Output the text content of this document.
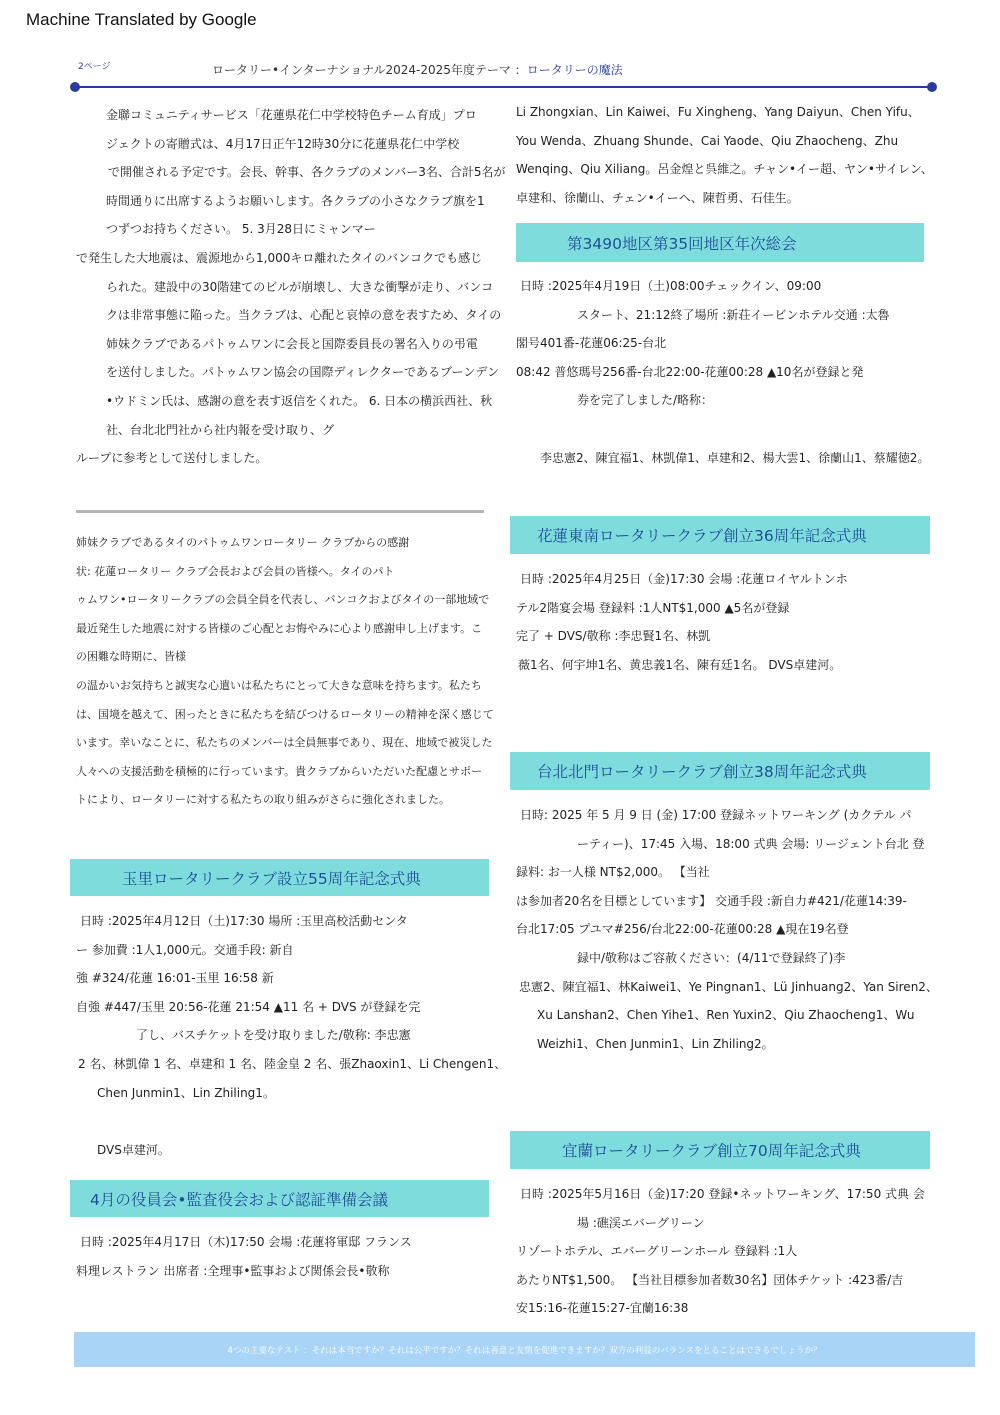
Machine Translated by Google
2ページ	ロータリー•インターナショナル2024-2025年度テーマ ：ロータリーの魔法
金聯コミュニティサービス「花蓮県花仁中学校特色チーム育成」プロ
ジェクトの寄贈式は、4月17日正午12時30分に花蓮県花仁中学校
で開催される予定です。会長、幹事、各クラブのメンバー3名、合計5名が
時間通りに出席するようお願いします。各クラブの小さなクラブ旗を1
つずつお持ちください。 5. 3月28日にミャンマー
で発生した大地震は、震源地から1,000キロ離れたタイのバンコクでも感じ
られた。建設中の30階建てのビルが崩壊し、大きな衝撃が走り、バンコ
クは非常事態に陥った。当クラブは、心配と哀悼の意を表すため、タイの
姉妹クラブであるパトゥムワンに会長と国際委員長の署名入りの弔電
を送付しました。パトゥムワン協会の国際ディレクターであるブーンデン
•ウドミン氏は、感謝の意を表す返信をくれた。 6. 日本の横浜西社、秋
社、台北北門社から社内報を受け取り、グ
ループに参考として送付しました。
姉妹クラブであるタイのパトゥムワンロータリー クラブからの感謝
状: 花蓮ロータリー クラブ会長および会員の皆様へ。タイのパト
ゥムワン•ロータリークラブの会員全員を代表し、バンコクおよびタイの一部地域で
最近発生した地震に対する皆様のご心配とお悔やみに心より感謝申し上げます。こ
の困難な時期に、皆様
の温かいお気持ちと誠実な心遣いは私たちにとって大きな意味を持ちます。私たち
は、国境を越えて、困ったときに私たちを結びつけるロータリーの精神を深く感じて
います。幸いなことに、私たちのメンバーは全員無事であり、現在、地域で被災した
人々への支援活動を積極的に行っています。貴クラブからいただいた配慮とサポー
トにより、ロータリーに対する私たちの取り組みがさらに強化されました。
玉里ロータリークラブ設立55周年記念式典
日時 :2025年4月12日（土)17:30 場所 :玉里高校活動センタ
ー 参加費 :1人1,000元。交通手段: 新自
強 #324/花蓮 16:01-玉里 16:58 新
自強 #447/玉里 20:56-花蓮 21:54 ▲11 名 + DVS が登録を完
了し、バスチケットを受け取りました/敬称: 李忠憲
2 名、林凱偉 1 名、卓建和 1 名、陸金皇 2 名、張Zhaoxin1、Li Chengen1、
Chen Junmin1、Lin Zhiling1。
DVS卓建河。
4月の役員会•監査役会および認証準備会議
日時 :2025年4月17日（木)17:50 会場 :花蓮将軍邸 フランス
料理レストラン 出席者 :全理事•監事および関係会長•敬称
Li Zhongxian、Lin Kaiwei、Fu Xingheng、Yang Daiyun、Chen Yifu、
You Wenda、Zhuang Shunde、Cai Yaode、Qiu Zhaocheng、Zhu
Wenqing、Qiu Xiliang。呂金煌と呉維之。チャン•イー超、ヤン•サイレン、
卓建和、徐蘭山、チェン•イーヘ、陳哲勇、石佳生。
第3490地区第35回地区年次総会
日時 :2025年4月19日（土)08:00チェックイン、09:00
スタート、21:12終了場所 :新荘イービンホテル交通 :太魯
閣号401番-花蓮06:25-台北
08:42 普悠瑪号256番-台北22:00-花蓮00:28 ▲10名が登録と発
券を完了しました/略称：
李忠憲2、陳宜福1、林凱偉1、卓建和2、楊大雲1、徐蘭山1、蔡耀徳2。
花蓮東南ロータリークラブ創立36周年記念式典
日時 :2025年4月25日（金)17:30 会場 :花蓮ロイヤルトンホ
テル2階宴会場 登録料 :1人NT$1,000 ▲5名が登録
完了 + DVS/敬称 :李忠賢1名、林凱
薇1名、何宇坤1名、黄忠義1名、陳有廷1名。 DVS卓建河。
台北北門ロータリークラブ創立38周年記念式典
日時: 2025 年 5 月 9 日 (金) 17:00 登録ネットワーキング (カクテル パ
ーティー)、17:45 入場、18:00 式典 会場: リージェント台北 登
録料: お一人様 NT$2,000。 【当社
は参加者20名を目標としています】 交通手段 :新自力#421/花蓮14:39-
台北17:05 プユマ#256/台北22:00-花蓮00:28 ▲現在19名登
録中/敬称はご容赦ください：(4/11で登録終了)李
忠憲2、陳宜福1、林Kaiwei1、Ye Pingnan1、Lü Jinhuang2、Yan Siren2、
Xu Lanshan2、Chen Yihe1、Ren Yuxin2、Qiu Zhaocheng1、Wu
Weizhi1、Chen Junmin1、Lin Zhiling2。
宜蘭ロータリークラブ創立70周年記念式典
日時 :2025年5月16日（金)17:20 登録•ネットワーキング、17:50 式典 会
場 :礁渓エバーグリーン
リゾートホテル、エバーグリーンホール 登録料 :1人
あたりNT$1,500。 【当社目標参加者数30名】団体チケット :423番/吉
安15:16-花蓮15:27-宜蘭16:38
4つの主要なテスト ：それは本当ですか？それは公平ですか？それは善意と友情を促進できますか？双方の利益のバランスをとることはできるでしょうか？
